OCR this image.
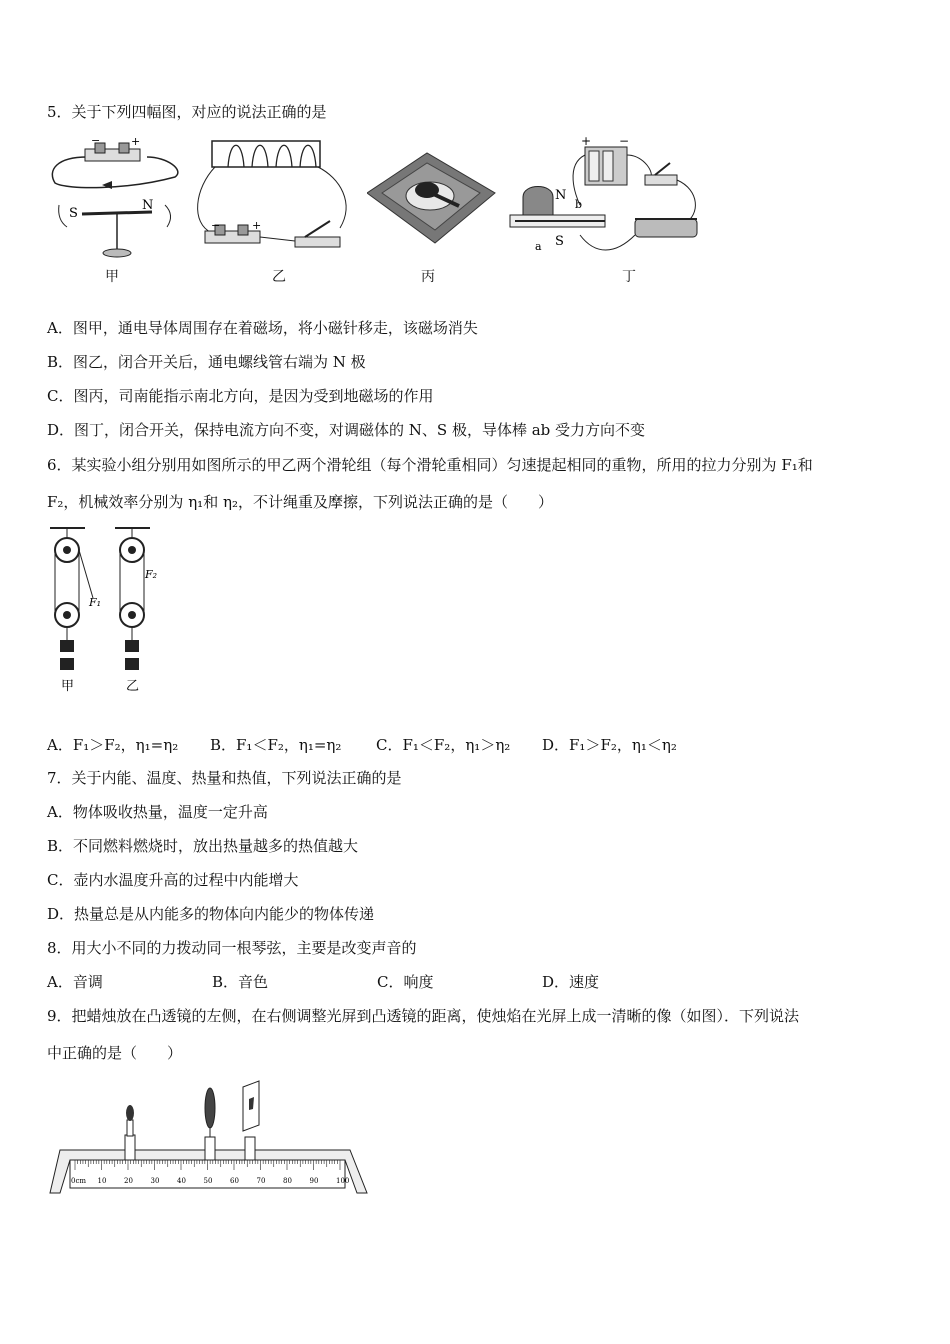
5．关于下列四幅图，对应的说法正确的是
−	+
S
N
−	+
+ −
N
S
a
b
甲	乙	丙	丁
A．图甲，通电导体周围存在着磁场，将小磁针移走，该磁场消失
B．图乙，闭合开关后，通电螺线管右端为 N 极
C．图丙，司南能指示南北方向，是因为受到地磁场的作用
D．图丁，闭合开关，保持电流方向不变，对调磁体的 N、S 极，导体棒 ab 受力方向不变
6．某实验小组分别用如图所示的甲乙两个滑轮组（每个滑轮重相同）匀速提起相同的重物，所用的拉力分别为 F₁和
F₂，机械效率分别为 η₁和 η₂，不计绳重及摩擦，下列说法正确的是（　　）
F₁
F₂
甲	乙
A．F₁＞F₂，η₁=η₂ B．F₁＜F₂，η₁=η₂ C．F₁＜F₂，η₁＞η₂ D．F₁＞F₂，η₁＜η₂
7．关于内能、温度、热量和热值，下列说法正确的是
A．物体吸收热量，温度一定升高
B．不同燃料燃烧时，放出热量越多的热值越大
C．壶内水温度升高的过程中内能增大
D．热量总是从内能多的物体向内能少的物体传递
8．用大小不同的力拨动同一根琴弦，主要是改变声音的
A．音调	B．音色	C．响度	D．速度
9．把蜡烛放在凸透镜的左侧，在右侧调整光屏到凸透镜的距离，使烛焰在光屏上成一清晰的像（如图）．下列说法
中正确的是（　　）
0cm 10	20	30	40	50	60	70	80	90	100
